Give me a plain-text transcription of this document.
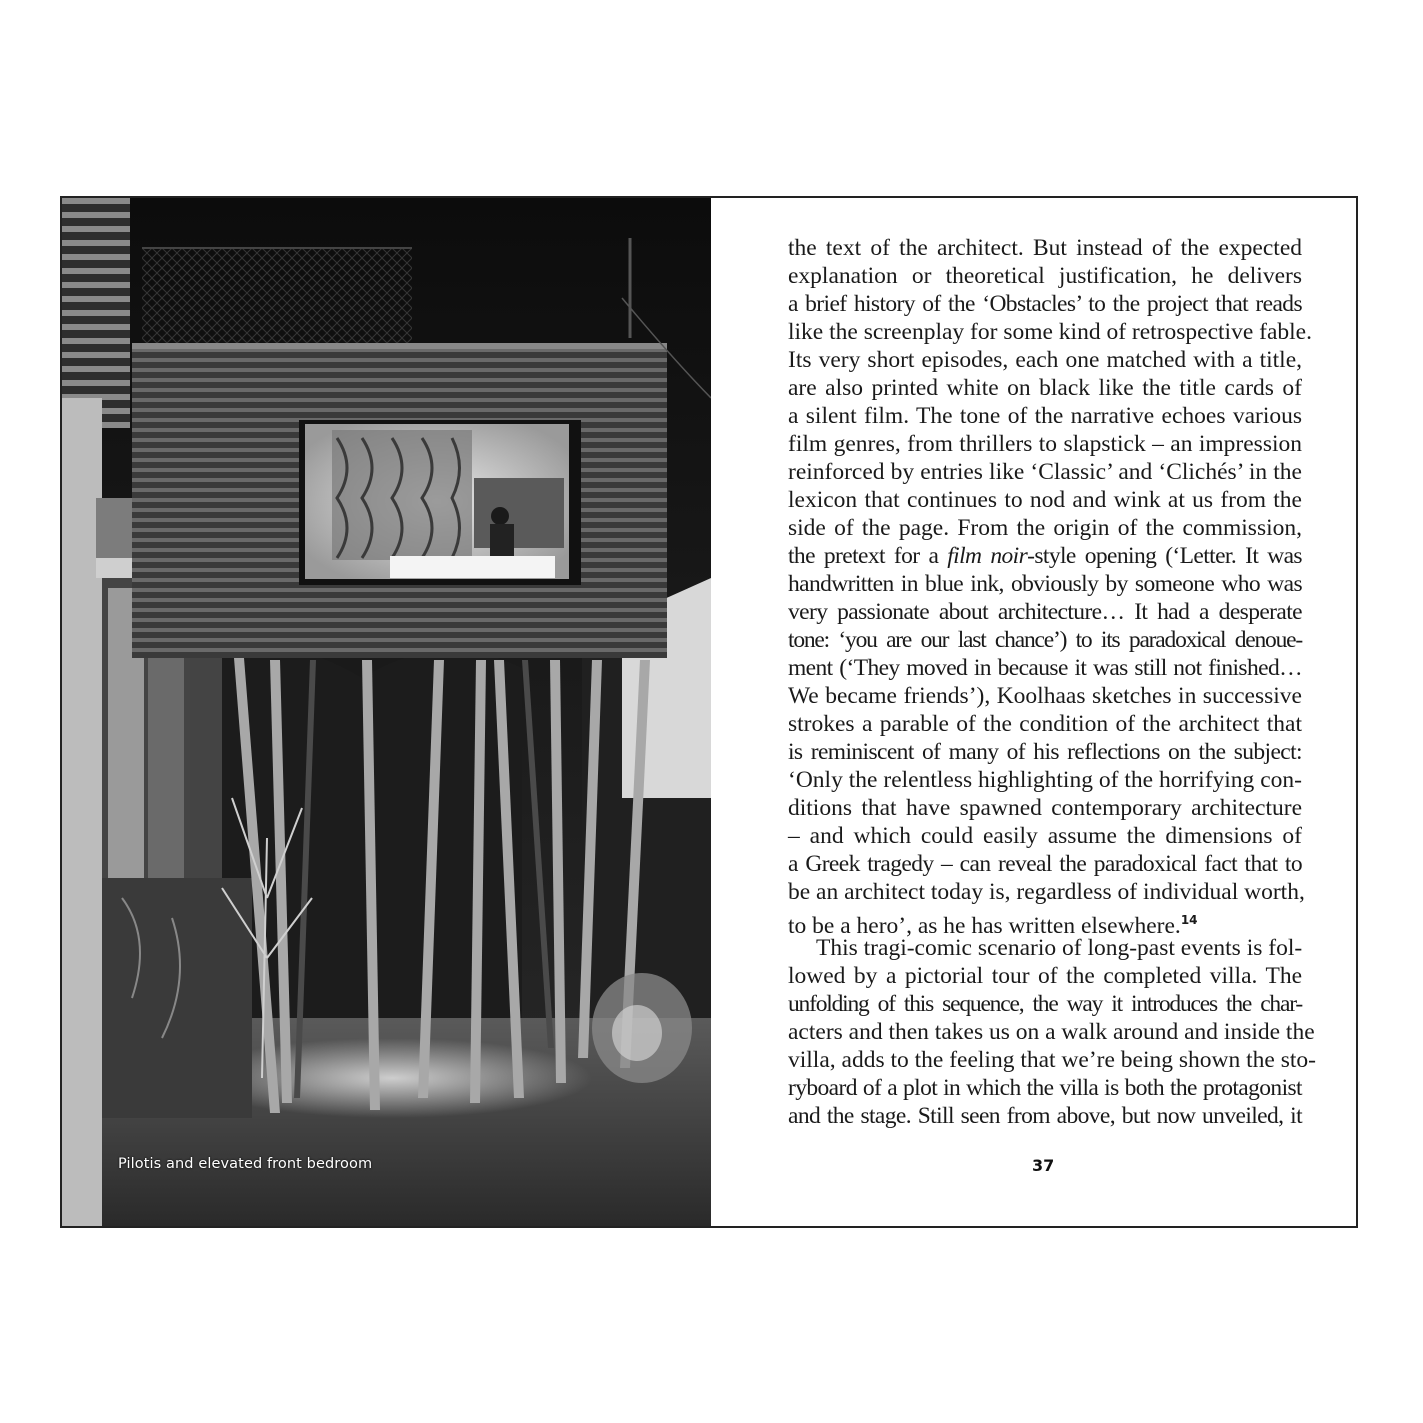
Pilotis and elevated front bedroom
the text of the architect. But instead of the expected
explanation or theoretical justification, he delivers
a brief history of the ‘Obstacles’ to the project that reads
like the screenplay for some kind of retrospective fable.
Its very short episodes, each one matched with a title,
are also printed white on black like the title cards of
a silent film. The tone of the narrative echoes various
film genres, from thrillers to slapstick – an impression
reinforced by entries like ‘Classic’ and ‘Clichés’ in the
lexicon that continues to nod and wink at us from the
side of the page. From the origin of the commission,
the pretext for a film noir-style opening (‘Letter. It was
handwritten in blue ink, obviously by someone who was
very passionate about architecture… It had a desperate
tone: ‘you are our last chance’) to its paradoxical denoue-
ment (‘They moved in because it was still not finished…
We became friends’), Koolhaas sketches in successive
strokes a parable of the condition of the architect that
is reminiscent of many of his reflections on the subject:
‘Only the relentless highlighting of the horrifying con-
ditions that have spawned contemporary architecture
– and which could easily assume the dimensions of
a Greek tragedy – can reveal the paradoxical fact that to
be an architect today is, regardless of individual worth,
to be a hero’, as he has written elsewhere.$^{14}$
This tragi-comic scenario of long-past events is fol-
lowed by a pictorial tour of the completed villa. The
unfolding of this sequence, the way it introduces the char-
acters and then takes us on a walk around and inside the
villa, adds to the feeling that we’re being shown the sto-
ryboard of a plot in which the villa is both the protagonist
and the stage. Still seen from above, but now unveiled, it
37
